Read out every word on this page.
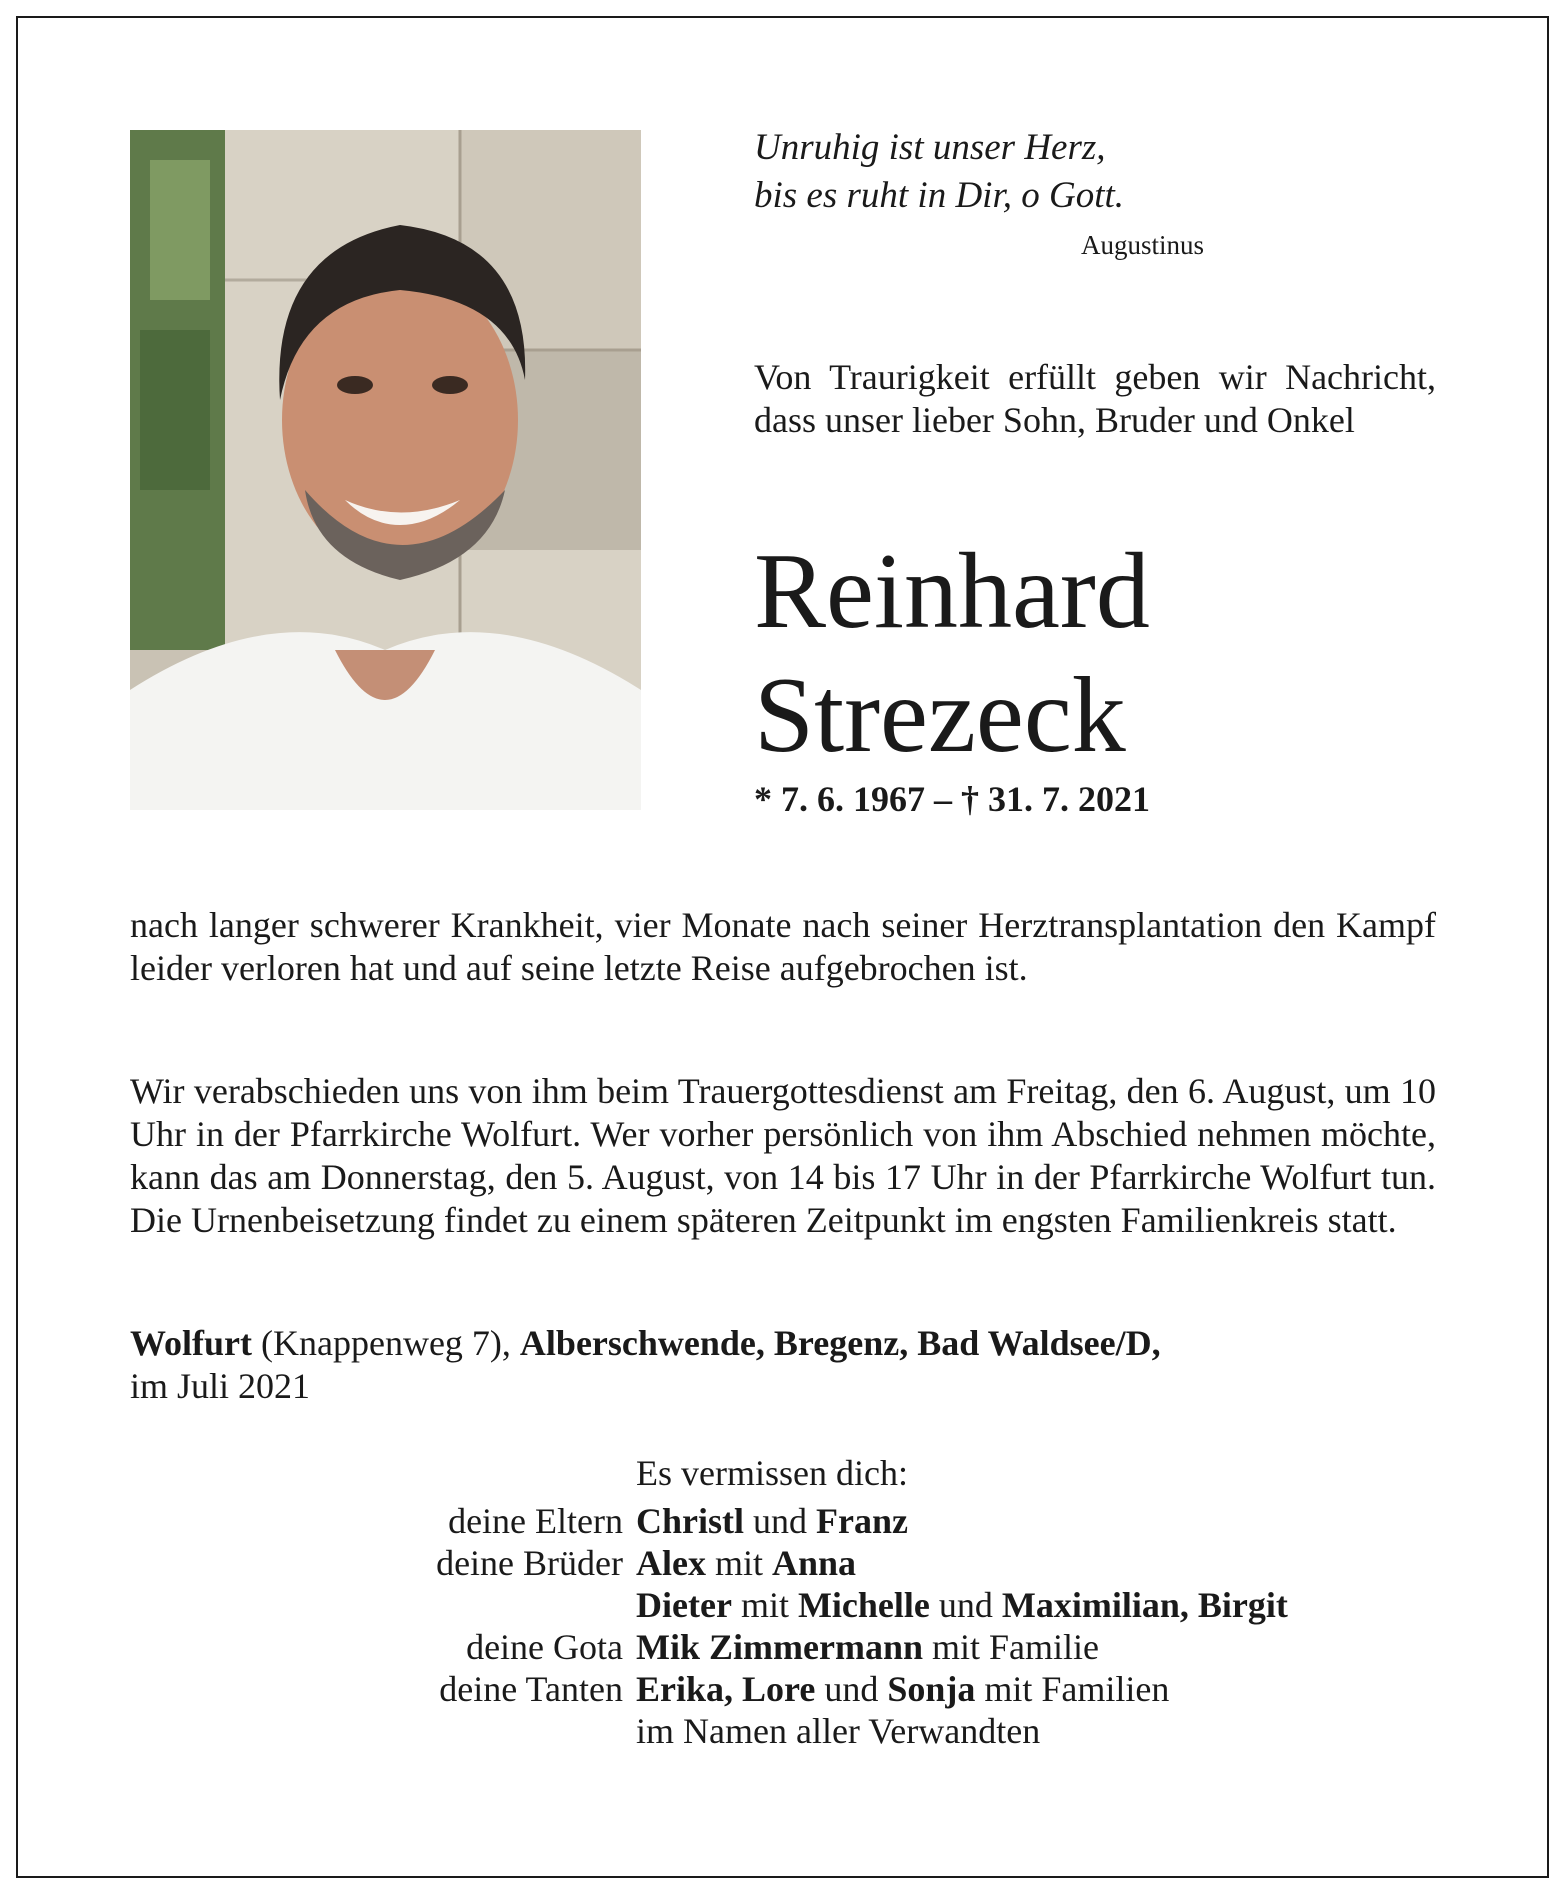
Unruhig ist unser Herz,
bis es ruht in Dir, o Gott.
Augustinus
Von Traurigkeit erfüllt geben wir Nachricht, dass unser lieber Sohn, Bruder und Onkel
Reinhard
Strezeck
* 7. 6. 1967 – † 31. 7. 2021
nach langer schwerer Krankheit, vier Monate nach seiner Herztransplantation den Kampf leider verloren hat und auf seine letzte Reise aufgebrochen ist.
Wir verabschieden uns von ihm beim Trauergottesdienst am Freitag, den 6. August, um 10 Uhr in der Pfarrkirche Wolfurt. Wer vorher persönlich von ihm Abschied nehmen möchte, kann das am Donnerstag, den 5. August, von 14 bis 17 Uhr in der Pfarrkirche Wolfurt tun. Die Urnenbeisetzung findet zu einem späteren Zeitpunkt im engsten Familienkreis statt.
Wolfurt (Knappenweg 7), Alberschwende, Bregenz, Bad Waldsee/D,
im Juli 2021
Es vermissen dich:
deine Eltern Christl und Franz
deine Brüder Alex mit Anna
Dieter mit Michelle und Maximilian, Birgit
deine Gota Mik Zimmermann mit Familie
deine Tanten Erika, Lore und Sonja mit Familien
im Namen aller Verwandten
